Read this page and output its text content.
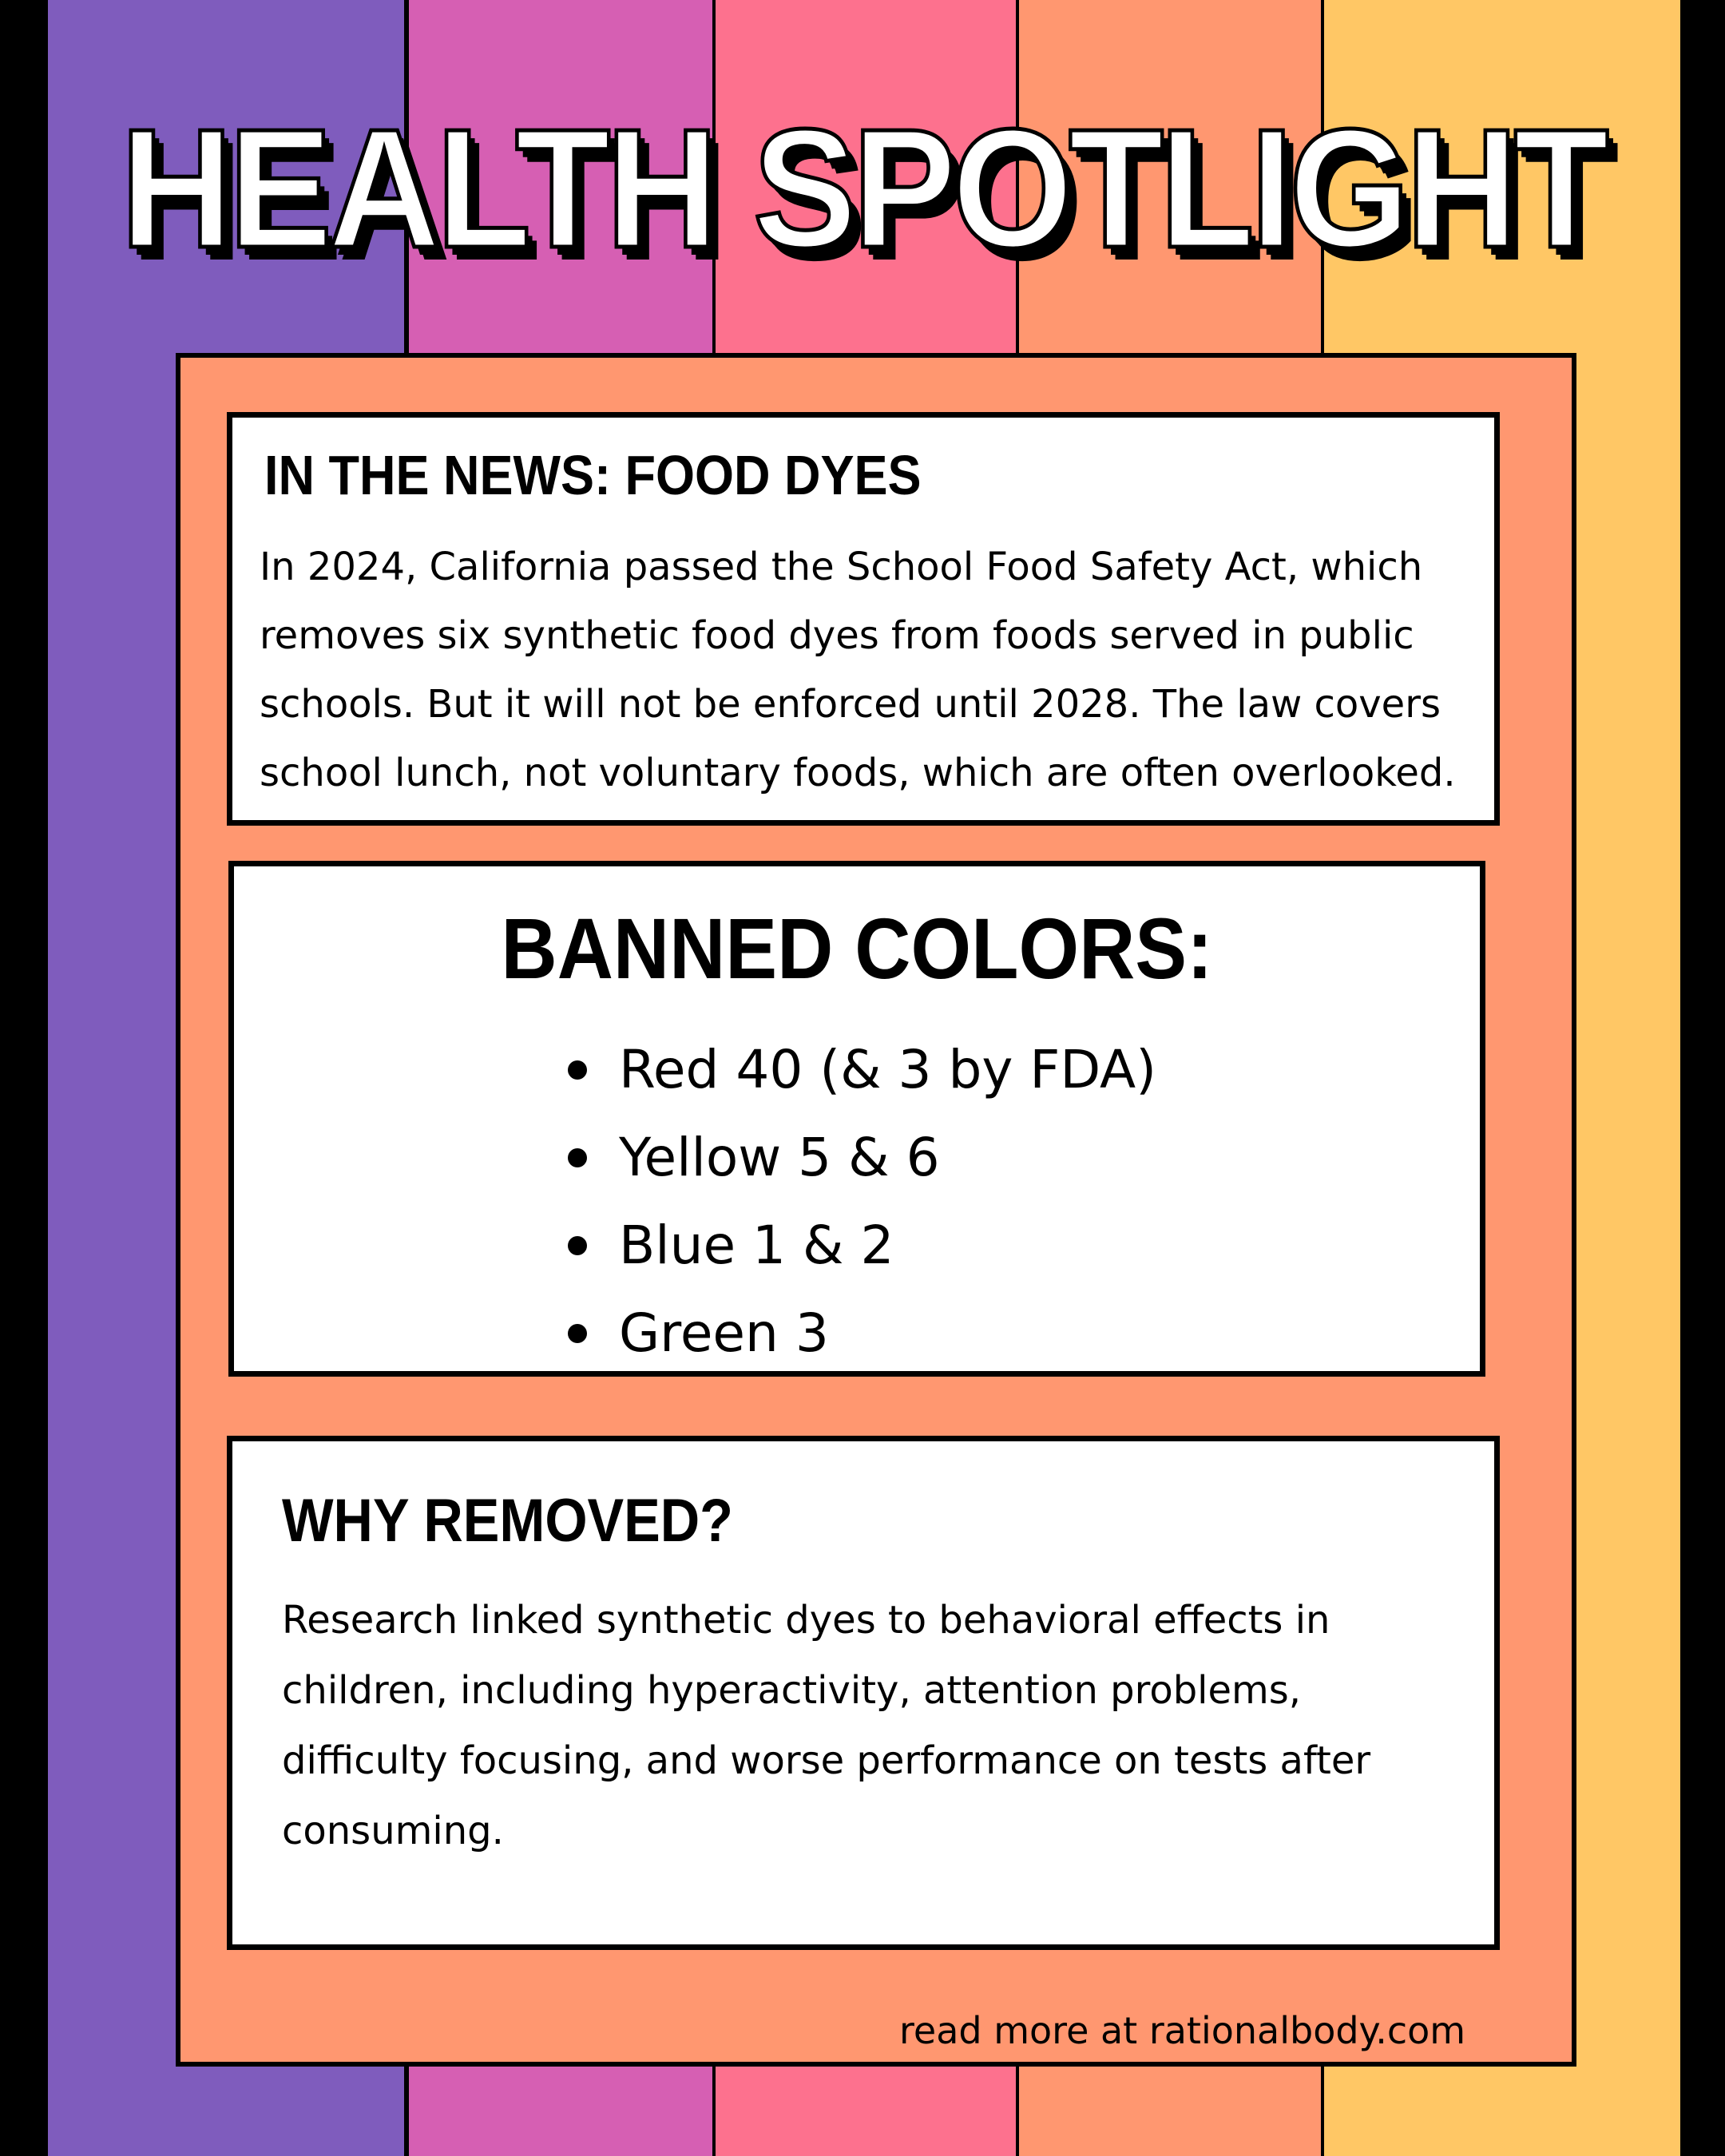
HEALTH SPOTLIGHT
IN THE NEWS: FOOD DYES
In 2024, California passed the School Food Safety Act, which
removes six synthetic food dyes from foods served in public
schools. But it will not be enforced until 2028. The law covers
school lunch, not voluntary foods, which are often overlooked.
BANNED COLORS:
Red 40 (& 3 by FDA)
Yellow 5 & 6
Blue 1 & 2
Green 3
WHY REMOVED?
Research linked synthetic dyes to behavioral effects in
children, including hyperactivity, attention problems,
difficulty focusing, and worse performance on tests after
consuming.
read more at rationalbody.com
